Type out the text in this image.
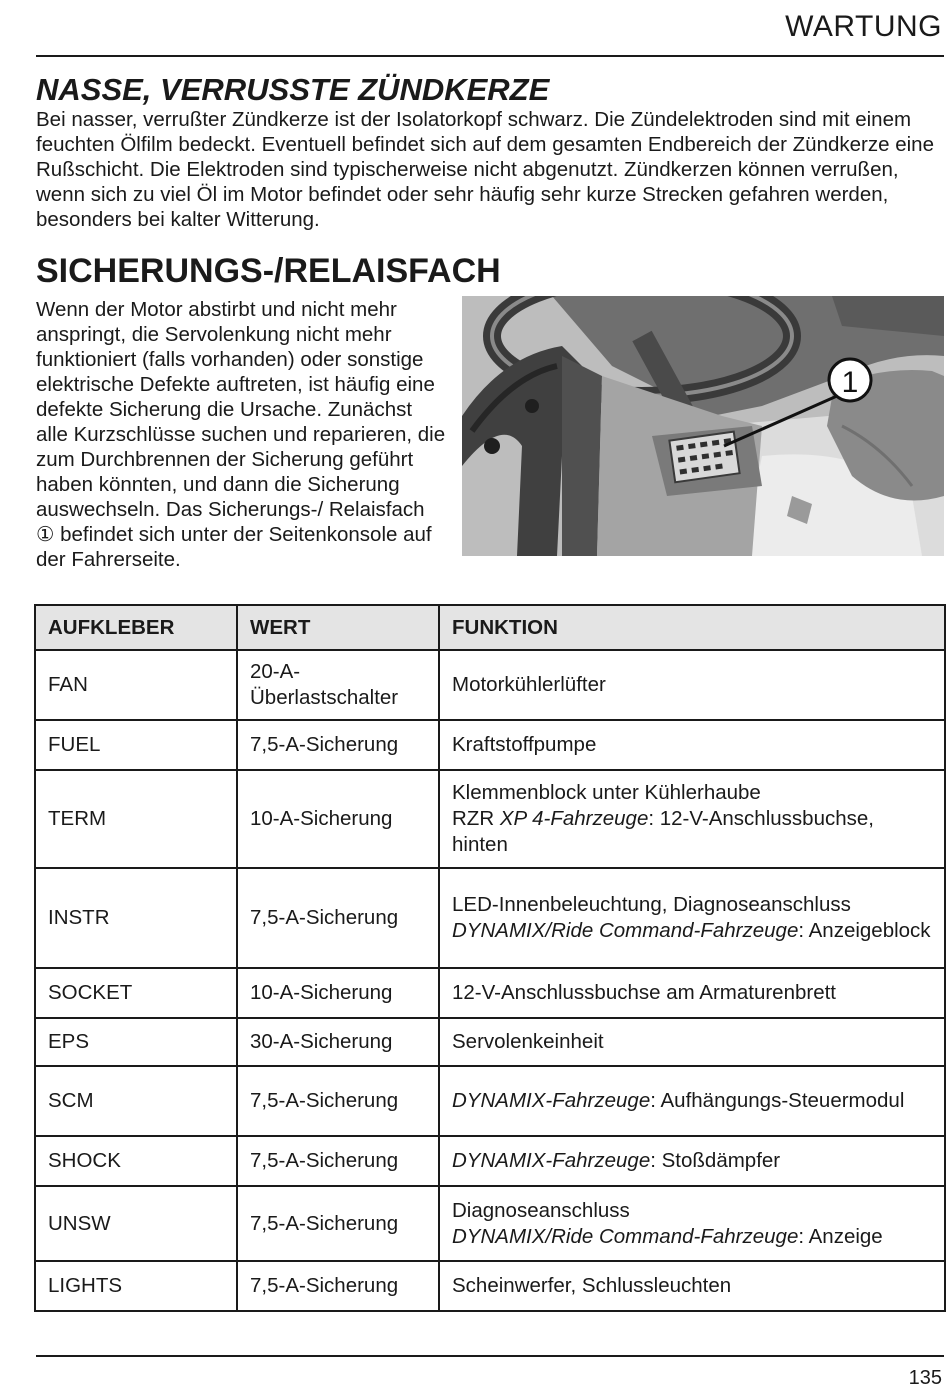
WARTUNG
NASSE, VERRUSSTE ZÜNDKERZE

Bei nasser, verrußter Zündkerze ist der Isolatorkopf schwarz. Die Zündelektroden sind mit einem feuchten Ölfilm bedeckt. Eventuell befindet sich auf dem gesamten Endbereich der Zündkerze eine Rußschicht. Die Elektroden sind typischerweise nicht abgenutzt. Zündkerzen können verrußen, wenn sich zu viel Öl im Motor befindet oder sehr häufig sehr kurze Strecken gefahren werden, besonders bei kalter Witterung.

SICHERUNGS-/RELAISFACH

Wenn der Motor abstirbt und nicht mehr anspringt, die Servolenkung nicht mehr funktioniert (falls vorhanden) oder sonstige elektrische Defekte auftreten, ist häufig eine defekte Sicherung die Ursache. Zunächst alle Kurzschlüsse suchen und reparieren, die zum Durchbrennen der Sicherung geführt haben könnten, und dann die Sicherung auswechseln. Das Sicherungs-/ Relaisfach ① befindet sich unter der Seitenkonsole auf der Fahrerseite.

1
AUFKLEBER	WERT	FUNKTION
FAN	20-A-Überlastschalter	Motorkühlerlüfter

FUEL	7,5-A-Sicherung	Kraftstoffpumpe

TERM	10-A-Sicherung	Klemmenblock unter Kühlerhaube
RZR XP 4-Fahrzeuge: 12-V-Anschlussbuchse, hinten

INSTR	7,5-A-Sicherung	LED-Innenbeleuchtung, Diagnoseanschluss
DYNAMIX/Ride Command-Fahrzeuge: Anzeigeblock

SOCKET	10-A-Sicherung	12-V-Anschlussbuchse am Armaturenbrett

EPS	30-A-Sicherung	Servolenkeinheit

SCM	7,5-A-Sicherung	DYNAMIX-Fahrzeuge: Aufhängungs-Steuermodul

SHOCK	7,5-A-Sicherung	DYNAMIX-Fahrzeuge: Stoßdämpfer

UNSW	7,5-A-Sicherung	Diagnoseanschluss
DYNAMIX/Ride Command-Fahrzeuge: Anzeige

LIGHTS	7,5-A-Sicherung	Scheinwerfer, Schlussleuchten
135
